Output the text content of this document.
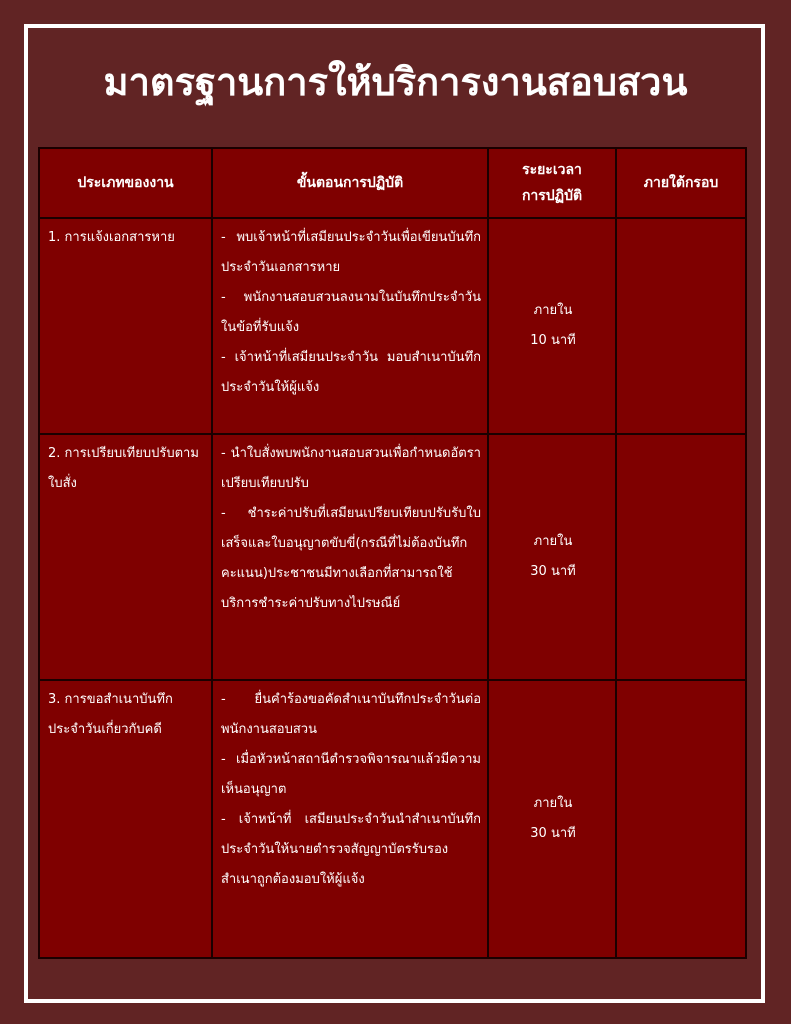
มาตรฐานการให้บริการงานสอบสวน
ประเภทของงาน	ขั้นตอนการปฏิบัติ	ระยะเวลา
การปฏิบัติ	ภายใต้กรอบ

1. การแจ้งเอกสารหาย	- พบเจ้าหน้าที่เสมียนประจำวันเพื่อเขียนบันทึกประจำวันเอกสารหาย
- พนักงานสอบสวนลงนามในบันทึกประจำวันในข้อที่รับแจ้ง
- เจ้าหน้าที่เสมียนประจำวัน มอบสำเนาบันทึกประจำวันให้ผู้แจ้ง	ภายใน
10 นาที	

2. การเปรียบเทียบปรับตามใบสั่ง	- นำใบสั่งพบพนักงานสอบสวนเพื่อกำหนดอัตราเปรียบเทียบปรับ
- ชำระค่าปรับที่เสมียนเปรียบเทียบปรับรับใบเสร็จและใบอนุญาตขับขี่(กรณีที่ไม่ต้องบันทึกคะแนน)ประชาชนมีทางเลือกที่สามารถใช้บริการชำระค่าปรับทางไปรษณีย์	ภายใน
30 นาที	

3. การขอสำเนาบันทึกประจำวันเกี่ยวกับคดี	- ยื่นคำร้องขอคัดสำเนาบันทึกประจำวันต่อพนักงานสอบสวน
- เมื่อหัวหน้าสถานีตำรวจพิจารณาแล้วมีความเห็นอนุญาต
- เจ้าหน้าที่ เสมียนประจำวันนำสำเนาบันทึกประจำวันให้นายตำรวจสัญญาบัตรรับรองสำเนาถูกต้องมอบให้ผู้แจ้ง	ภายใน
30 นาที	
